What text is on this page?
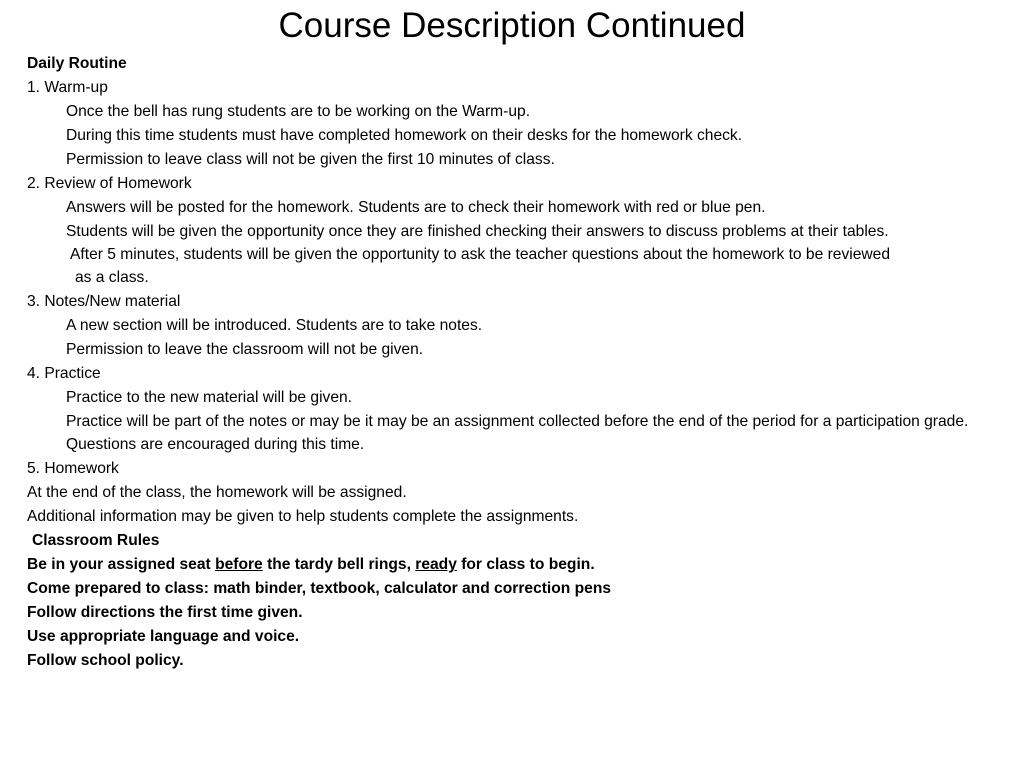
Course Description Continued
Daily Routine
1. Warm-up
Once the bell has rung students are to be working on the Warm-up.
During this time students must have completed homework on their desks for the homework check.
Permission to leave class will not be given the first 10 minutes of class.
2. Review of Homework
Answers will be posted for the homework. Students are to check their homework with red or blue pen.
Students will be given the opportunity once they are finished checking their answers to discuss problems at their tables.
After 5 minutes, students will be given the opportunity to ask the teacher questions about the homework to be reviewed
as a class.
3. Notes/New material
A new section will be introduced. Students are to take notes.
Permission to leave the classroom will not be given.
4. Practice
Practice to the new material will be given.
Practice will be part of the notes or may be it may be an assignment collected before the end of the period for a participation grade.
Questions are encouraged during this time.
5. Homework
At the end of the class, the homework will be assigned.
Additional information may be given to help students complete the assignments.
Classroom Rules
Be in your assigned seat before the tardy bell rings, ready for class to begin.
Come prepared to class: math binder, textbook, calculator and correction pens
Follow directions the first time given.
Use appropriate language and voice.
Follow school policy.
